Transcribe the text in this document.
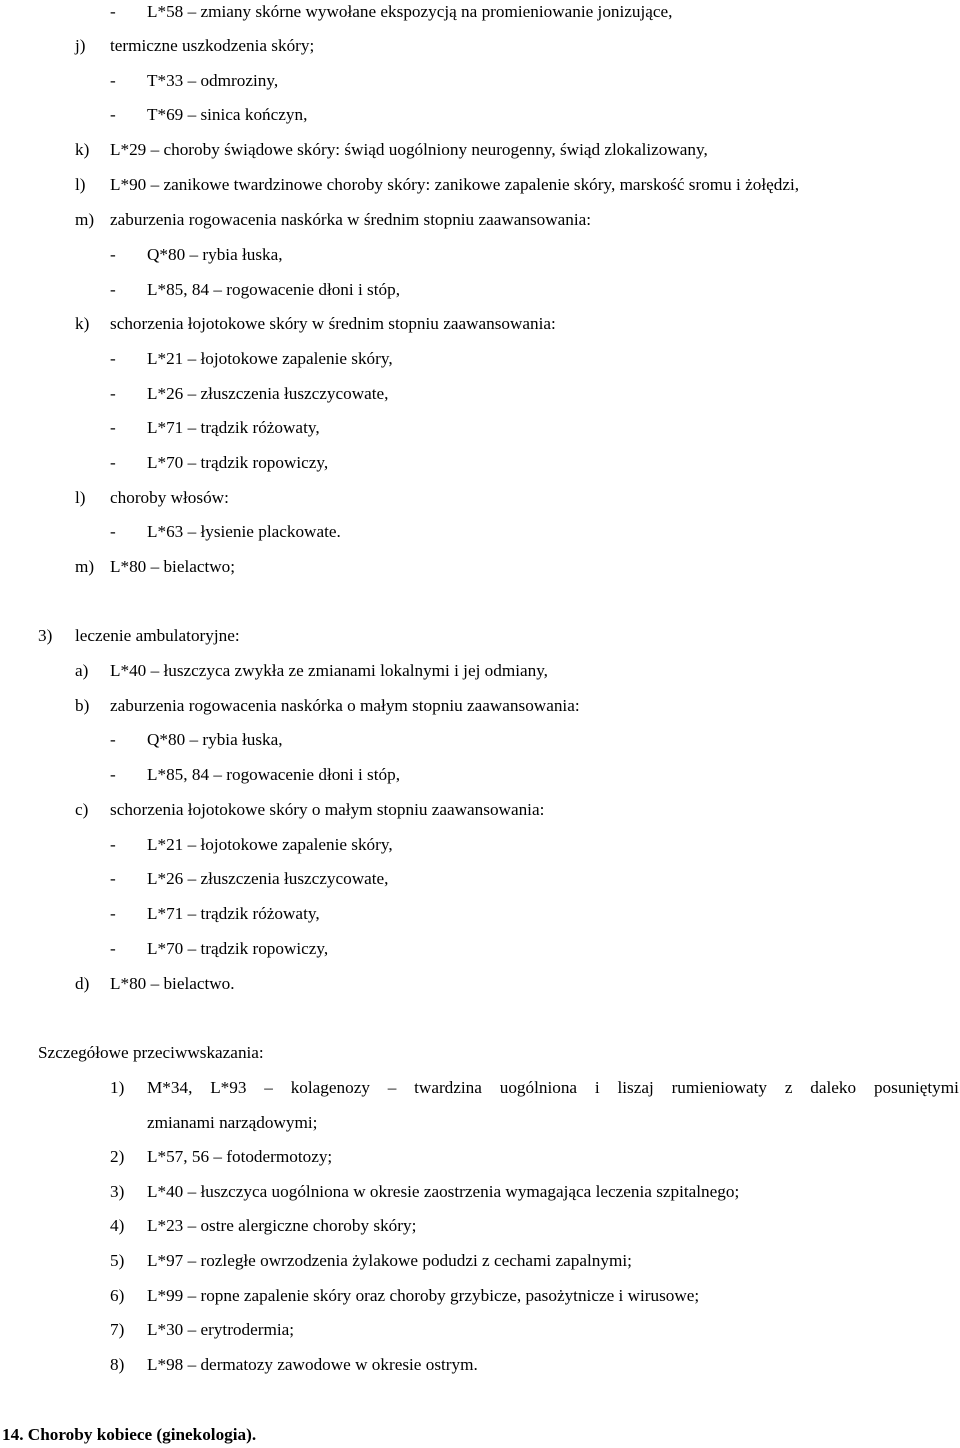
- L*58 – zmiany skórne wywołane ekspozycją na promieniowanie jonizujące,
j) termiczne uszkodzenia skóry;
- T*33 – odmroziny,
- T*69 – sinica kończyn,
k) L*29 – choroby świądowe skóry: świąd uogólniony neurogenny, świąd zlokalizowany,
l) L*90 – zanikowe twardzinowe choroby skóry: zanikowe zapalenie skóry, marskość sromu i żołędzi,
m) zaburzenia rogowacenia naskórka w średnim stopniu zaawansowania:
- Q*80 – rybia łuska,
- L*85, 84 – rogowacenie dłoni i stóp,
k) schorzenia łojotokowe skóry w średnim stopniu zaawansowania:
- L*21 – łojotokowe zapalenie skóry,
- L*26 – złuszczenia łuszczycowate,
- L*71 – trądzik różowaty,
- L*70 – trądzik ropowiczy,
l) choroby włosów:
- L*63 – łysienie plackowate.
m) L*80 – bielactwo;
3) leczenie ambulatoryjne:
a) L*40 – łuszczyca zwykła ze zmianami lokalnymi i jej odmiany,
b) zaburzenia rogowacenia naskórka o małym stopniu zaawansowania:
- Q*80 – rybia łuska,
- L*85, 84 – rogowacenie dłoni i stóp,
c) schorzenia łojotokowe skóry o małym stopniu zaawansowania:
- L*21 – łojotokowe zapalenie skóry,
- L*26 – złuszczenia łuszczycowate,
- L*71 – trądzik różowaty,
- L*70 – trądzik ropowiczy,
d) L*80 – bielactwo.
Szczegółowe przeciwwskazania:
1) M*34, L*93 – kolagenozy – twardzina uogólniona i liszaj rumieniowaty z daleko posuniętymi
zmianami narządowymi;
2) L*57, 56 – fotodermotozy;
3) L*40 – łuszczyca uogólniona w okresie zaostrzenia wymagająca leczenia szpitalnego;
4) L*23 – ostre alergiczne choroby skóry;
5) L*97 – rozległe owrzodzenia żylakowe podudzi z cechami zapalnymi;
6) L*99 – ropne zapalenie skóry oraz choroby grzybicze, pasożytnicze i wirusowe;
7) L*30 – erytrodermia;
8) L*98 – dermatozy zawodowe w okresie ostrym.
14. Choroby kobiece (ginekologia).
